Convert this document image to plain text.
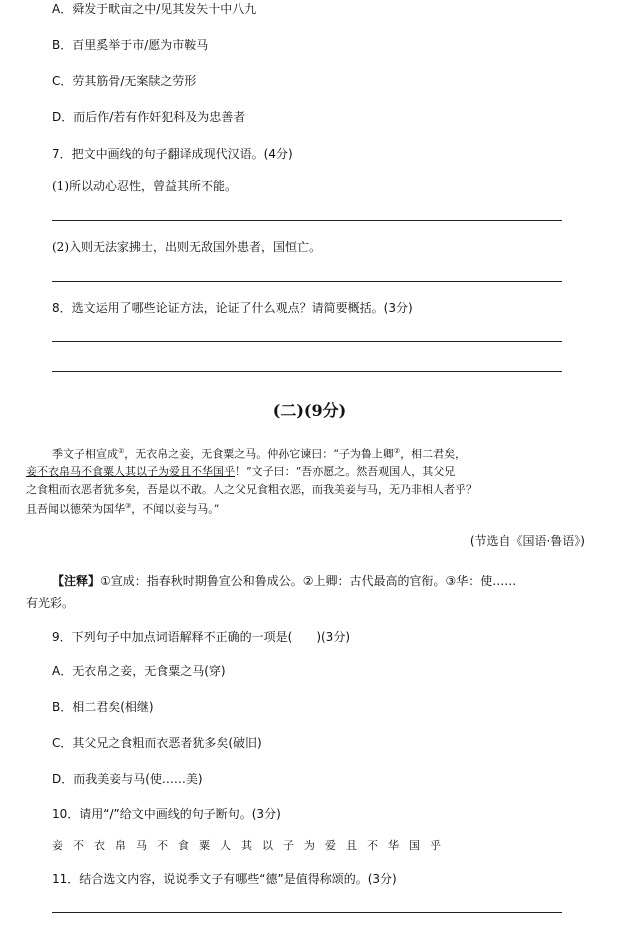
A．舜发于畎亩之中/见其发矢十中八九
B．百里奚举于市/愿为市鞍马
C．劳其筋骨/无案牍之劳形
D．而后作/若有作奸犯科及为忠善者
7．把文中画线的句子翻译成现代汉语。(4分)
(1)所以动心忍性，曾益其所不能。
(2)入则无法家拂士，出则无敌国外患者，国恒亡。
8．选文运用了哪些论证方法，论证了什么观点？请简要概括。(3分)
(二)(9分)

季文子相宣成①，无衣帛之妾，无食粟之马。仲孙它谏曰：“子为鲁上卿②，相二君矣，

妾不衣帛马不食粟人其以子为爱且不华国乎！”文子曰：“吾亦愿之。然吾观国人，其父兄

之食粗而衣恶者犹多矣，吾是以不敢。人之父兄食粗衣恶，而我美妾与马，无乃非相人者乎？

且吾闻以德荣为国华③，不闻以妾与马。”

(节选自《国语·鲁语》)
【注释】①宣成：指春秋时期鲁宣公和鲁成公。②上卿：古代最高的官衔。③华：使……
有光彩。
9．下列句子中加点词语解释不正确的一项是(　　)(3分)
A．无衣帛之妾，无食粟之马(穿)
B．相二君矣(相继)
C．其父兄之食粗而衣恶者犹多矣(破旧)
D．而我美妾与马(使……美)
10．请用“/”给文中画线的句子断句。(3分)
妾不衣帛马不食粟人其以子为爱且不华国乎
11．结合选文内容，说说季文子有哪些“德”是值得称颂的。(3分)
